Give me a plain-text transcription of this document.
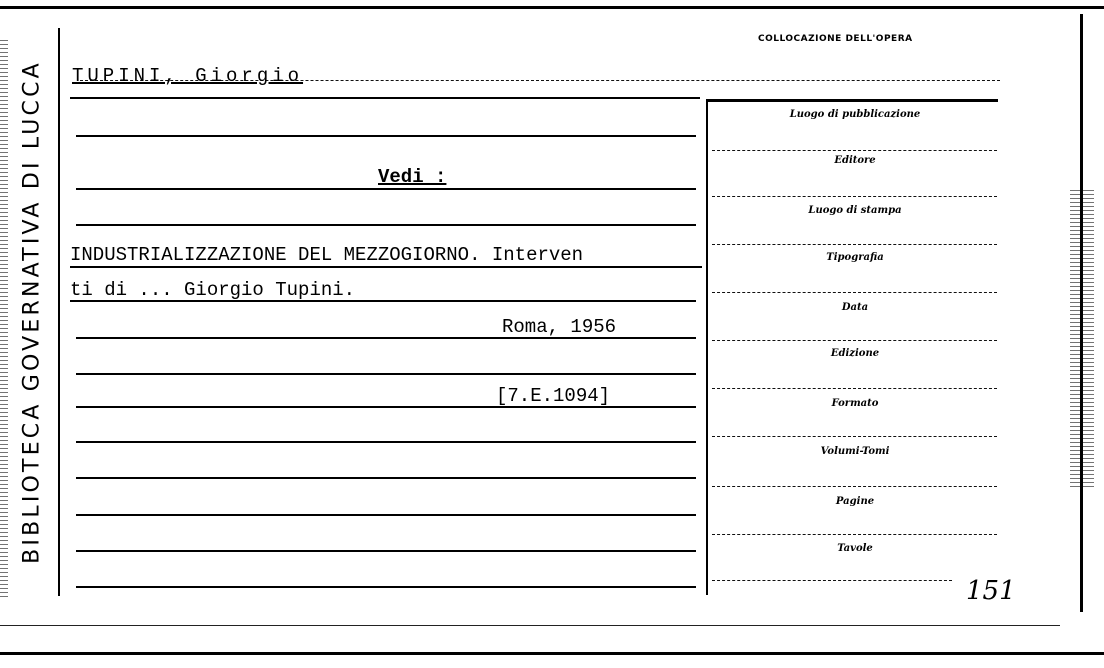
BIBLIOTECA GOVERNATIVA DI LUCCA
COLLOCAZIONE DELL'OPERA
Luogo di pubblicazione
Editore
Luogo di stampa
Tipografia
Data
Edizione
Formato
Volumi-Tomi
Pagine
Tavole
TUPINI, Giorgio
Vedi :
INDUSTRIALIZZAZIONE DEL MEZZOGIORNO. Interven
ti di ... Giorgio Tupini.
Roma, 1956
[7.E.1094]
151
